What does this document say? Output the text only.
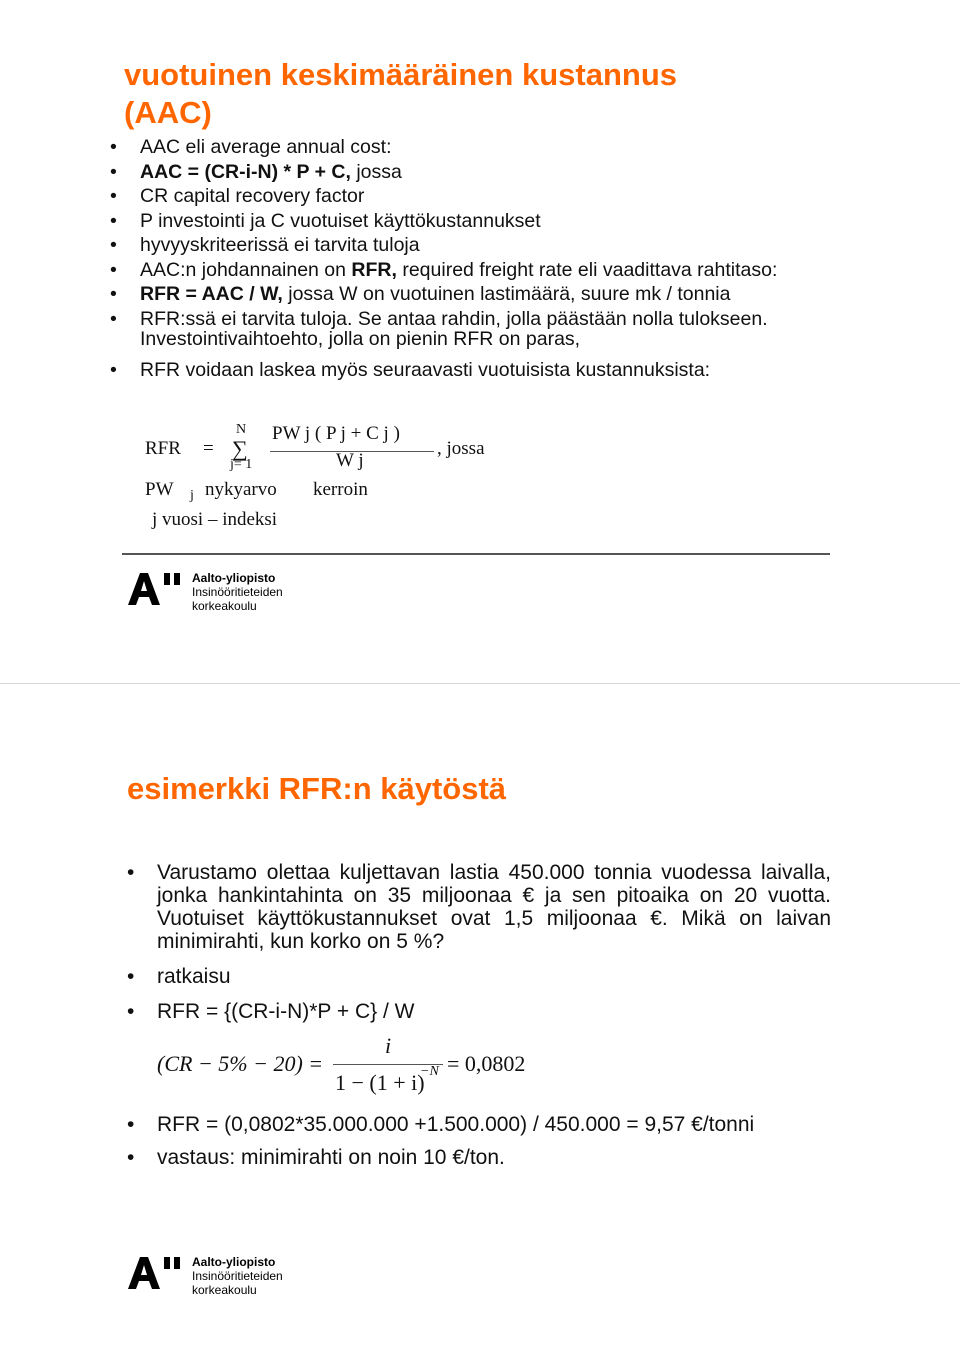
vuotuinen keskimääräinen kustannus
(AAC)
• AAC eli average annual cost:
• AAC = (CR-i-N) * P + C, jossa
• CR capital recovery factor
• P investointi ja C vuotuiset käyttökustannukset
• hyvyyskriteerissä ei tarvita tuloja
• AAC:n johdannainen on RFR, required freight rate eli vaadittava rahtitaso:
• RFR = AAC / W, jossa W on vuotuinen lastimäärä, suure mk / tonnia
• RFR:ssä ei tarvita tuloja. Se antaa rahdin, jolla päästään nolla tulokseen. Investointivaihtoehto, jolla on pienin RFR on paras,
• RFR voidaan laskea myös seuraavasti vuotuisista kustannuksista:
RFR =
N
∑
j= 1
PW j ( P j + C j )
W j
, jossa
PW j nykyarvo kerroin
j vuosi – indeksi
Aalto-yliopisto
Insinööritieteiden
korkeakoulu
esimerkki RFR:n käytöstä
• Varustamo olettaa kuljettavan lastia 450.000 tonnia vuodessa laivalla, jonka hankintahinta on 35 miljoonaa € ja sen pitoaika on 20 vuotta. Vuotuiset käyttökustannukset ovat 1,5 miljoonaa €. Mikä on laivan minimirahti, kun korko on 5 %?
• ratkaisu
• RFR = {(CR-i-N)*P + C} / W
(CR − 5% − 20) =
i
1 − (1 + i)
−N = 0,0802
• RFR = (0,0802*35.000.000 +1.500.000) / 450.000 = 9,57 €/tonni
• vastaus: minimirahti on noin 10 €/ton.
Aalto-yliopisto
Insinööritieteiden
korkeakoulu
